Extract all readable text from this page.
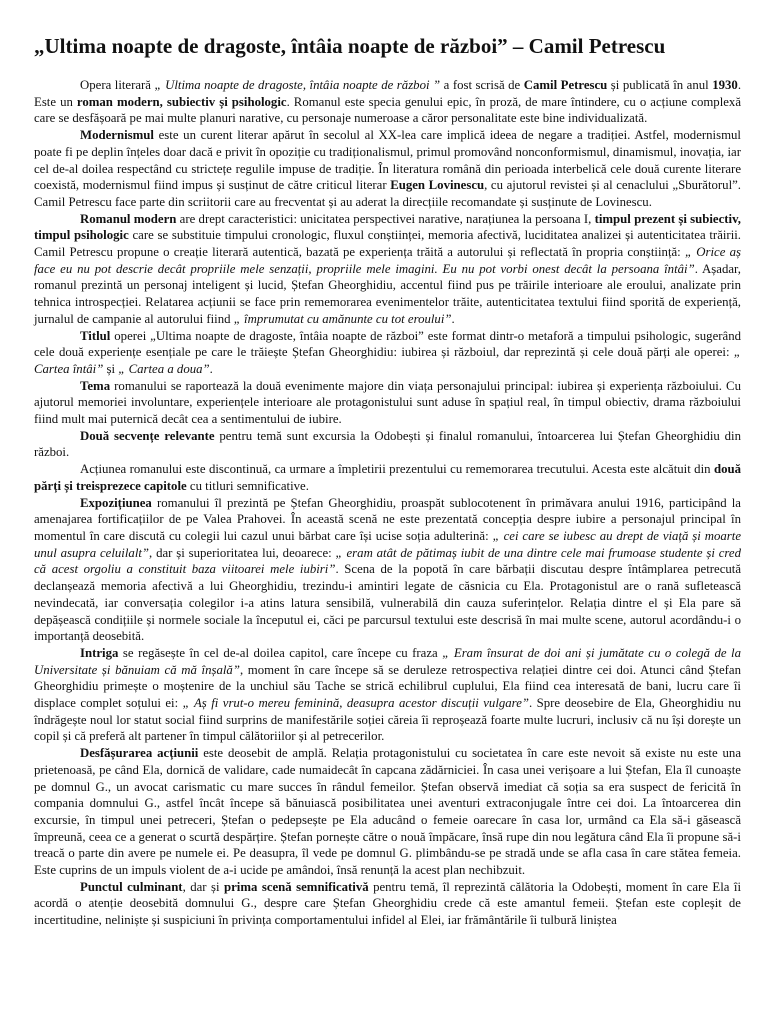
„Ultima noapte de dragoste, întâia noapte de război” – Camil Petrescu

Opera literară „ Ultima noapte de dragoste, întâia noapte de război ” a fost scrisă de Camil Petrescu și publicată în anul 1930. Este un roman modern, subiectiv și psihologic. Romanul este specia genului epic, în proză, de mare întindere, cu o acțiune complexă care se desfășoară pe mai multe planuri narative, cu personaje numeroase a căror personalitate este bine individualizată.

Modernismul este un curent literar apărut în secolul al XX-lea care implică ideea de negare a tradiției. Astfel, modernismul poate fi pe deplin înțeles doar dacă e privit în opoziție cu tradiționalismul, primul promovând nonconformismul, dinamismul, inovația, iar cel de-al doilea respectând cu strictețe regulile impuse de tradiție. În literatura română din perioada interbelică cele două curente literare coexistă, modernismul fiind impus și susținut de către criticul literar Eugen Lovinescu, cu ajutorul revistei și al cenaclului „Sburătorul”. Camil Petrescu face parte din scriitorii care au frecventat și au aderat la direcțiile recomandate și susținute de Lovinescu.

Romanul modern are drept caracteristici: unicitatea perspectivei narative, narațiunea la persoana I, timpul prezent și subiectiv, timpul psihologic care se substituie timpului cronologic, fluxul conștiinței, memoria afectivă, luciditatea analizei și autenticitatea trăirii. Camil Petrescu propune o creație literară autentică, bazată pe experiența trăită a autorului și reflectată în propria conștiință: „ Orice aș face eu nu pot descrie decât propriile mele senzații, propriile mele imagini. Eu nu pot vorbi onest decât la persoana întâi”. Așadar, romanul prezintă un personaj inteligent și lucid, Ștefan Gheorghidiu, accentul fiind pus pe trăirile interioare ale eroului, analizate prin tehnica introspecției. Relatarea acțiunii se face prin rememorarea evenimentelor trăite, autenticitatea textului fiind sporită de experiență, jurnalul de campanie al autorului fiind „ împrumutat cu amănunte cu tot eroului”.

Titlul operei „Ultima noapte de dragoste, întâia noapte de război” este format dintr-o metaforă a timpului psihologic, sugerând cele două experiențe esențiale pe care le trăiește Ștefan Gheorghidiu: iubirea și războiul, dar reprezintă și cele două părți ale operei: „ Cartea întâi” și „ Cartea a doua”.

Tema romanului se raportează la două evenimente majore din viața personajului principal: iubirea și experiența războiului. Cu ajutorul memoriei involuntare, experiențele interioare ale protagonistului sunt aduse în spațiul real, în timpul obiectiv, drama războiului fiind mult mai puternică decât cea a sentimentului de iubire.

Două secvențe relevante pentru temă sunt excursia la Odobești și finalul romanului, întoarcerea lui Ștefan Gheorghidiu din război.

Acțiunea romanului este discontinuă, ca urmare a împletirii prezentului cu rememorarea trecutului. Acesta este alcătuit din două părți și treisprezece capitole cu titluri semnificative.

Expozițiunea romanului îl prezintă pe Ștefan Gheorghidiu, proaspăt sublocotenent în primăvara anului 1916, participând la amenajarea fortificațiilor de pe Valea Prahovei. În această scenă ne este prezentată concepția despre iubire a personajul principal în momentul în care discută cu colegii lui cazul unui bărbat care își ucise soția adulterină: „ cei care se iubesc au drept de viață și moarte unul asupra celuilalt”, dar și superioritatea lui, deoarece: „ eram atât de pătimaș iubit de una dintre cele mai frumoase studente și cred că acest orgoliu a constituit baza viitoarei mele iubiri”. Scena de la popotă în care bărbații discutau despre întâmplarea petrecută declanșează memoria afectivă a lui Gheorghidiu, trezindu-i amintiri legate de căsnicia cu Ela. Protagonistul are o rană sufletească nevindecată, iar conversația colegilor i-a atins latura sensibilă, vulnerabilă din cauza suferințelor. Relația dintre el și Ela pare să depășească condițiile și normele sociale la începutul ei, căci pe parcursul textului este descrisă în mai multe scene, autorul acordându-i o importanță deosebită.

Intriga se regăsește în cel de-al doilea capitol, care începe cu fraza „ Eram însurat de doi ani și jumătate cu o colegă de la Universitate și bănuiam că mă înșală”, moment în care începe să se deruleze retrospectiva relației dintre cei doi. Atunci când Ștefan Gheorghidiu primește o moștenire de la unchiul său Tache se strică echilibrul cuplului, Ela fiind cea interesată de bani, lucru care îi displace complet soțului ei: „ Aș fi vrut-o mereu feminină, deasupra acestor discuții vulgare”. Spre deosebire de Ela, Gheorghidiu nu îndrăgește noul lor statut social fiind surprins de manifestările soției căreia îi reproșează foarte multe lucruri, inclusiv că nu își dorește un copil și că preferă alt partener în timpul călătoriilor și al petrecerilor.

Desfășurarea acțiunii este deosebit de amplă. Relația protagonistului cu societatea în care este nevoit să existe nu este una prietenoasă, pe când Ela, dornică de validare, cade numaidecât în capcana zădărniciei. În casa unei verișoare a lui Ștefan, Ela îl cunoaște pe domnul G., un avocat carismatic cu mare succes în rândul femeilor. Ștefan observă imediat că soția sa era suspect de fericită în compania domnului G., astfel încât începe să bănuiască posibilitatea unei aventuri extraconjugale între cei doi. La întoarcerea din excursie, în timpul unei petreceri, Ștefan o pedepsește pe Ela aducând o femeie oarecare în casa lor, urmând ca Ela să-i găsească împreună, ceea ce a generat o scurtă despărțire. Ștefan pornește către o nouă împăcare, însă rupe din nou legătura când Ela îi propune să-i treacă o parte din avere pe numele ei. Pe deasupra, îl vede pe domnul G. plimbându-se pe stradă unde se afla casa în care stătea femeia. Este cuprins de un impuls violent de a-i ucide pe amândoi, însă renunță la acest plan nechibzuit.

Punctul culminant, dar și prima scenă semnificativă pentru temă, îl reprezintă călătoria la Odobești, moment în care Ela îi acordă o atenție deosebită domnului G., despre care Ștefan Gheorghidiu crede că este amantul femeii. Ștefan este copleșit de incertitudine, neliniște și suspiciuni în privința comportamentului infidel al Elei, iar frământările îi tulbură liniștea
